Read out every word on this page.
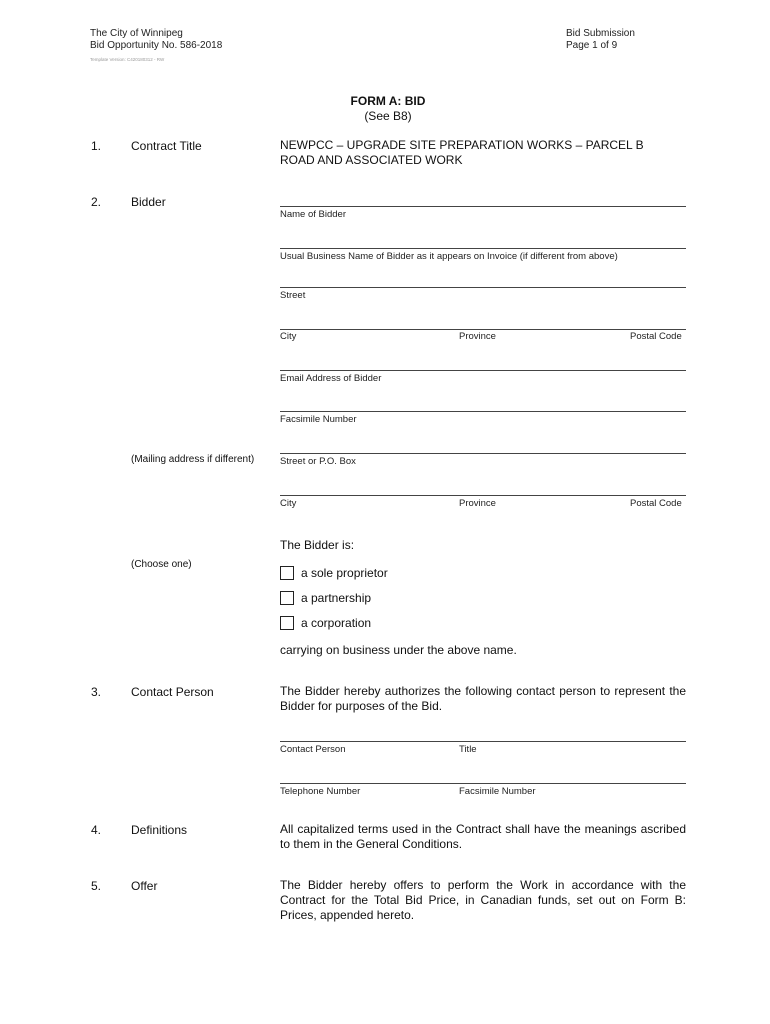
The City of Winnipeg
Bid Opportunity No. 586-2018
Template Version: C420180312 - RW
Bid Submission
Page 1 of 9
FORM A: BID
(See B8)
1. Contract Title	NEWPCC – UPGRADE SITE PREPARATION WORKS – PARCEL B
ROAD AND ASSOCIATED WORK
2. Bidder
Name of Bidder
Usual Business Name of Bidder as it appears on Invoice (if different from above)
Street
City	Province	Postal Code
Email Address of Bidder
Facsimile Number
(Mailing address if different)	Street or P.O. Box
City	Province	Postal Code
The Bidder is:
(Choose one)
a sole proprietor
a partnership
a corporation
carrying on business under the above name.
3. Contact Person	The Bidder hereby authorizes the following contact person to represent the Bidder for purposes of the Bid.
Contact Person	Title
Telephone Number	Facsimile Number
4. Definitions	All capitalized terms used in the Contract shall have the meanings ascribed to them in the General Conditions.
5. Offer	The Bidder hereby offers to perform the Work in accordance with the Contract for the Total Bid Price, in Canadian funds, set out on Form B: Prices, appended hereto.
